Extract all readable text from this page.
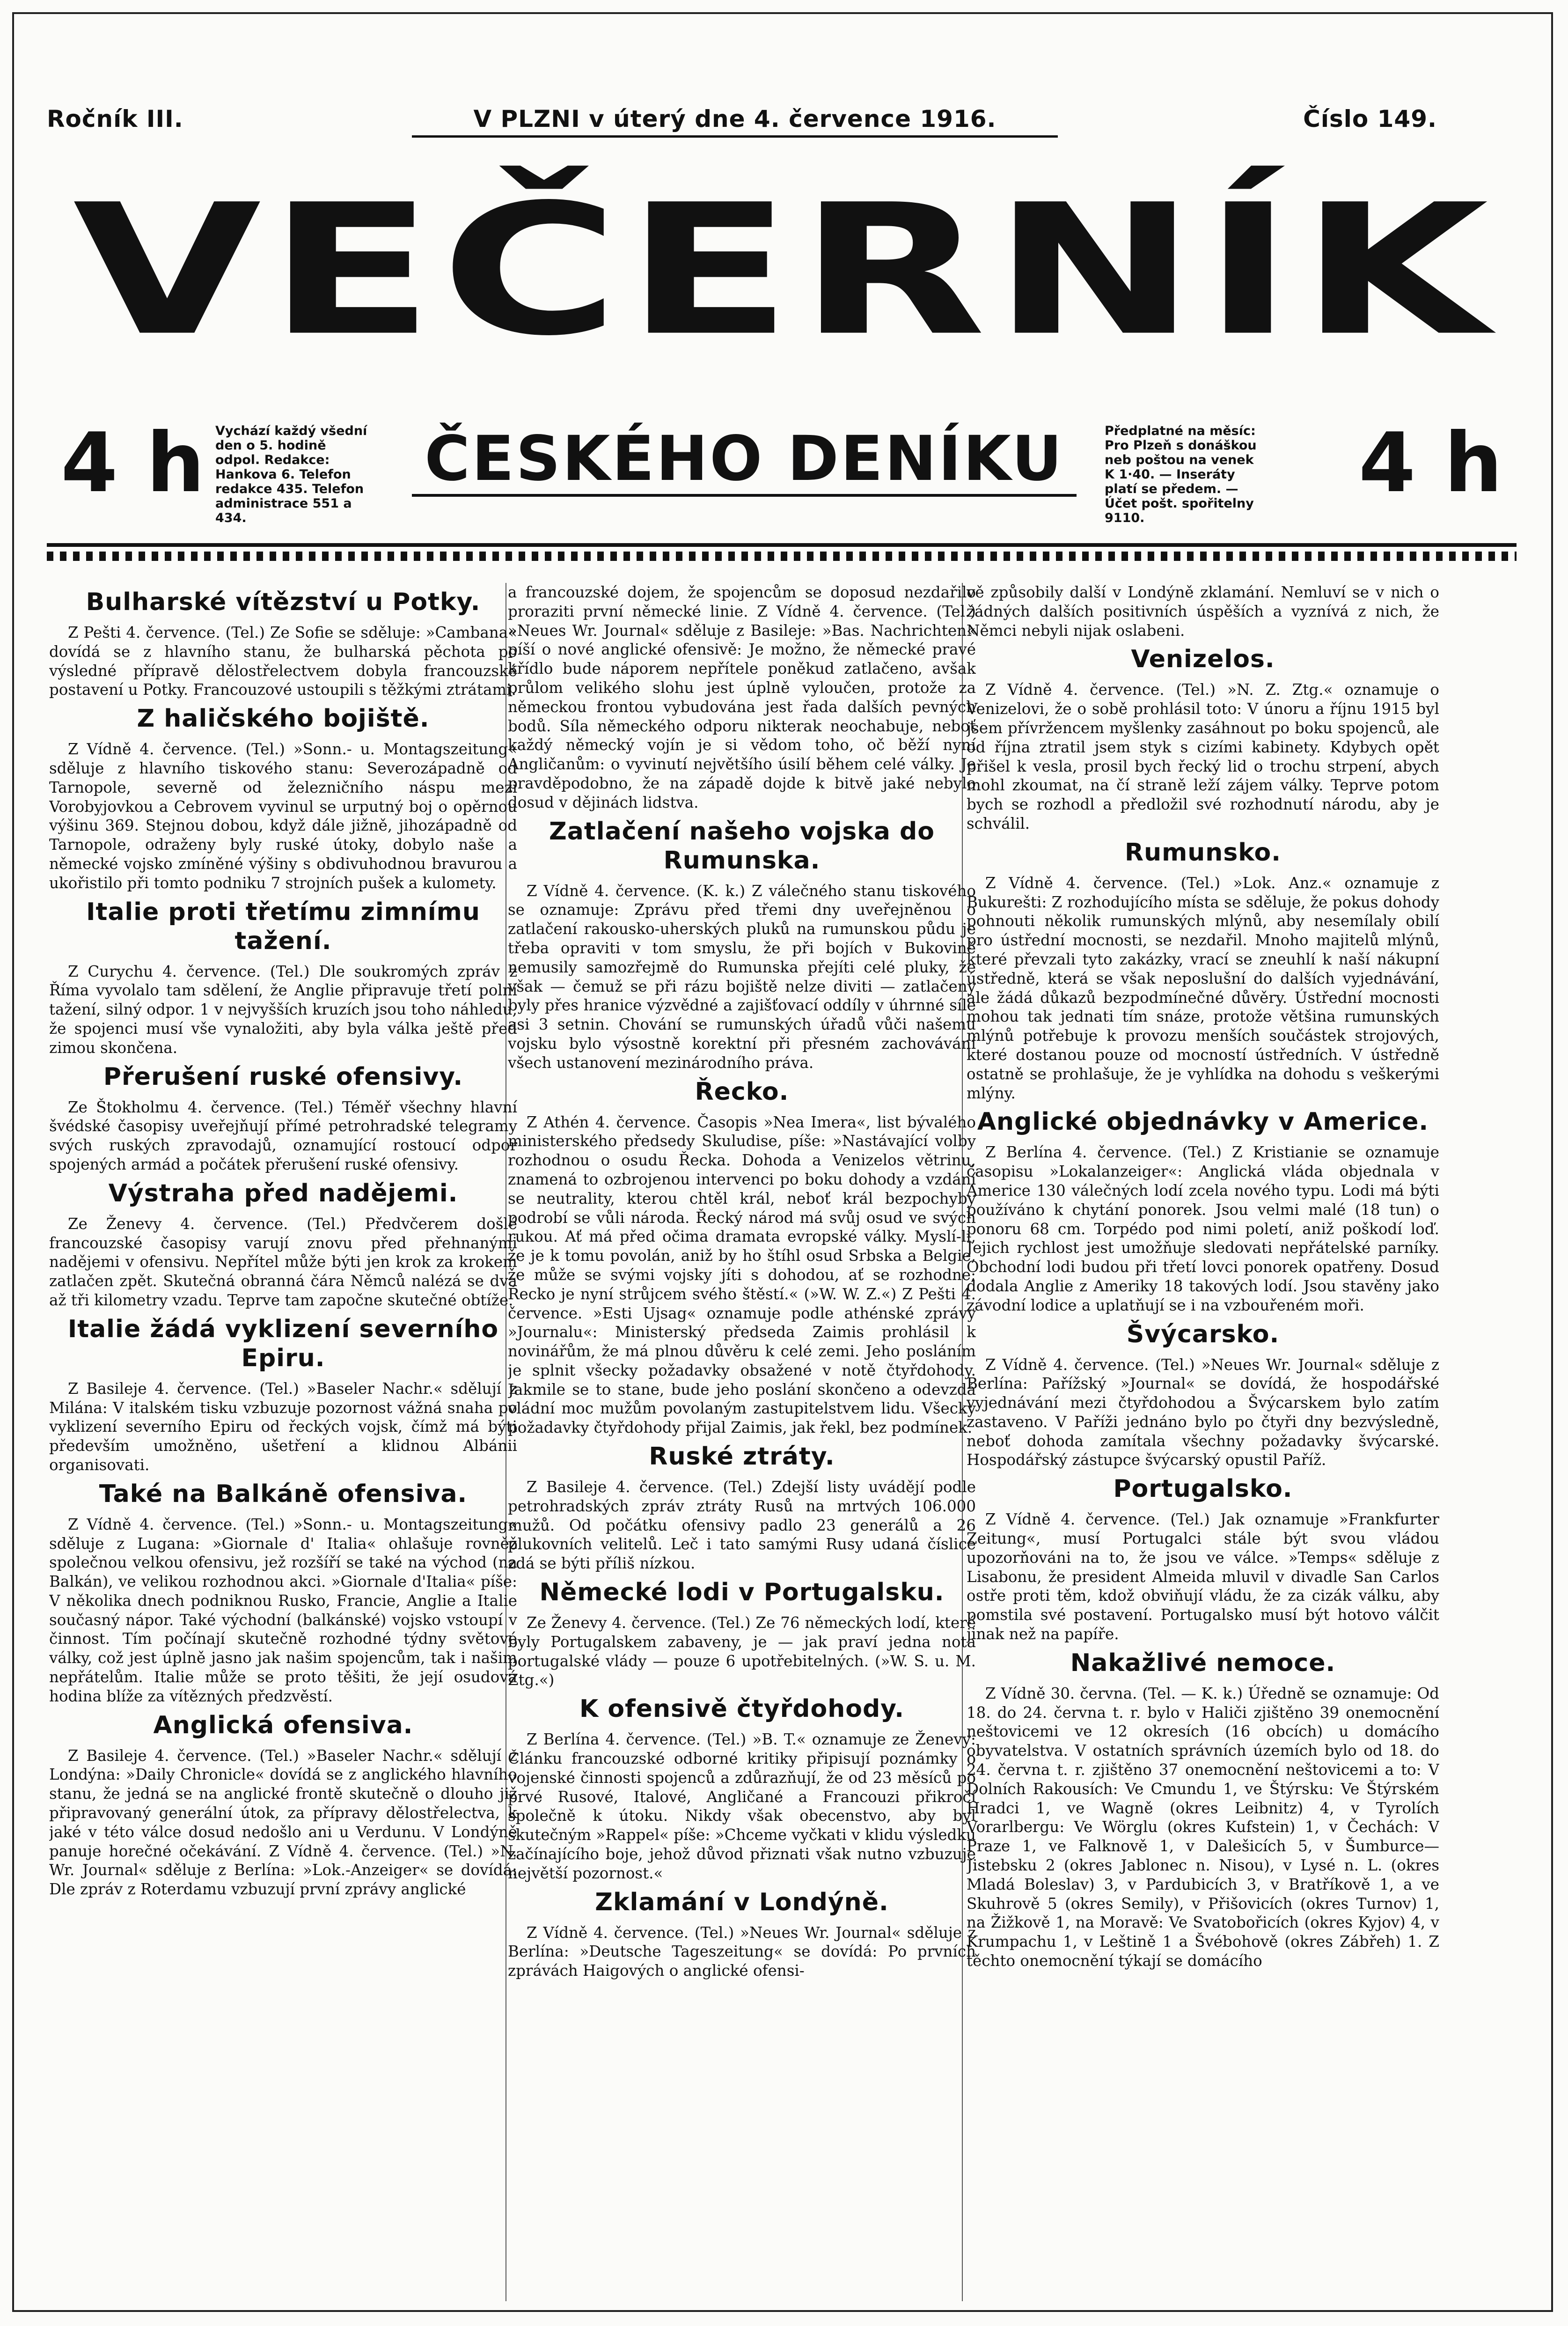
Ročník III.	V PLZNI v úterý dne 4. července 1916.	Číslo 149.
VEČERNÍK
4 h Vychází každý všední den o 5. hodině odpol. Redakce: Hankova 6. Telefon redakce 435. Telefon administrace 551 a 434.
ČESKÉHO DENÍKU	Předplatné na měsíc: Pro Plzeň s donáškou neb poštou na venek K 1·40. — Inseráty platí se předem. — Účet pošt. spořitelny 9110.
4 h
Bulharské vítězství u Potky.

Z Pešti 4. července. (Tel.) Ze Sofie se sděluje: »Cambana« dovídá se z hlavního stanu, že bulharská pěchota po výsledné přípravě dělostřelectvem dobyla francouzské postavení u Potky. Francouzové ustoupili s těžkými ztrátami.

Z haličského bojiště.

Z Vídně 4. července. (Tel.) »Sonn.- u. Montagszeitung« sděluje z hlavního tiskového stanu: Severozápadně od Tarnopole, severně od železničního náspu mezi Vorobyjovkou a Cebrovem vyvinul se urputný boj o opěrnou výšinu 369. Stejnou dobou, když dále jižně, jihozápadně od Tarnopole, odraženy byly ruské útoky, dobylo naše a německé vojsko zmíněné výšiny s obdivuhodnou bravurou a ukořistilo při tomto podniku 7 strojních pušek a kulomety.

Italie proti třetímu zimnímu tažení.

Z Curychu 4. července. (Tel.) Dle soukromých zpráv z Říma vyvolalo tam sdělení, že Anglie připravuje třetí polní tažení, silný odpor. 1 v nejvyšších kruzích jsou toho náhledu, že spojenci musí vše vynaložiti, aby byla válka ještě před zimou skončena.

Přerušení ruské ofensivy.

Ze Štokholmu 4. července. (Tel.) Téměř všechny hlavní švédské časopisy uveřejňují přímé petrohradské telegramy svých ruských zpravodajů, oznamující rostoucí odpor spojených armád a počátek přerušení ruské ofensivy.

Výstraha před nadějemi.

Ze Ženevy 4. července. (Tel.) Předvčerem došlé francouzské časopisy varují znovu před přehnanými nadějemi v ofensivu. Nepřítel může býti jen krok za krokem zatlačen zpět. Skutečná obranná čára Němců nalézá se dva až tři kilometry vzadu. Teprve tam započne skutečné obtíže.

Italie žádá vyklizení severního Epiru.

Z Basileje 4. července. (Tel.) »Baseler Nachr.« sdělují z Milána: V italském tisku vzbuzuje pozornost vážná snaha po vyklizení severního Epiru od řeckých vojsk, čímž má býti především umožněno, ušetření a klidnou Albánii organisovati.

Také na Balkáně ofensiva.

Z Vídně 4. července. (Tel.) »Sonn.- u. Montagszeitung« sděluje z Lugana: »Giornale d' Italia« ohlašuje rovněž společnou velkou ofensivu, jež rozšíří se také na východ (na Balkán), ve velikou rozhodnou akci. »Giornale d'Italia« píše: V několika dnech podniknou Rusko, Francie, Anglie a Italie současný nápor. Také východní (balkánské) vojsko vstoupí v činnost. Tím počínají skutečně rozhodné týdny světové války, což jest úplně jasno jak našim spojencům, tak i našim nepřátelům. Italie může se proto těšiti, že její osudová hodina blíže za vítězných předzvěstí.

Anglická ofensiva.

Z Basileje 4. července. (Tel.) »Baseler Nachr.« sdělují z Londýna: »Daily Chronicle« dovídá se z anglického hlavního stanu, že jedná se na anglické frontě skutečně o dlouho již připravovaný generální útok, za přípravy dělostřelectva, k jaké v této válce dosud nedošlo ani u Verdunu. V Londýně panuje horečné očekávání. Z Vídně 4. července. (Tel.) »N. Wr. Journal« sděluje z Berlína: »Lok.-Anzeiger« se dovídá: Dle zpráv z Roterdamu vzbuzují první zprávy anglické

a francouzské dojem, že spojencům se doposud nezdařilo proraziti první německé linie. Z Vídně 4. července. (Tel.) »Neues Wr. Journal« sděluje z Basileje: »Bas. Nachrichten« píší o nové anglické ofensivě: Je možno, že německé pravé křídlo bude náporem nepřítele poněkud zatlačeno, avšak průlom velikého slohu jest úplně vyloučen, protože za německou frontou vybudována jest řada dalších pevných bodů. Síla německého odporu nikterak neochabuje, neboť každý německý vojín je si vědom toho, oč běží nyní Angličanům: o vyvinutí největšího úsilí během celé války. Je pravděpodobno, že na západě dojde k bitvě jaké nebylo dosud v dějinách lidstva.

Zatlačení našeho vojska do Rumunska.

Z Vídně 4. července. (K. k.) Z válečného stanu tiskového se oznamuje: Zprávu před třemi dny uveřejněnou o zatlačení rakousko-uherských pluků na rumunskou půdu je třeba opraviti v tom smyslu, že při bojích v Bukovině nemusily samozřejmě do Rumunska přejíti celé pluky, že však — čemuž se při rázu bojiště nelze diviti — zatlačeny byly přes hranice výzvědné a zajišťovací oddíly v úhrnné síle asi 3 setnin. Chování se rumunských úřadů vůči našemu vojsku bylo výsostně korektní při přesném zachovávání všech ustanovení mezinárodního práva.

Řecko.

Z Athén 4. července. Časopis »Nea Imera«, list bývalého ministerského předsedy Skuludise, píše: »Nastávající volby rozhodnou o osudu Řecka. Dohoda a Venizelos větrinu, znamená to ozbrojenou intervenci po boku dohody a vzdání se neutrality, kterou chtěl král, neboť král bezpochyby podrobí se vůli národa. Řecký národ má svůj osud ve svých rukou. Ať má před očima dramata evropské války. Myslí-li, že je k tomu povolán, aniž by ho štíhl osud Srbska a Belgie, že může se svými vojsky jíti s dohodou, ať se rozhodne; Řecko je nyní strůjcem svého štěstí.« (»W. W. Z.«) Z Pešti 4. července. »Esti Ujsag« oznamuje podle athénské zprávy »Journalu«: Ministerský předseda Zaimis prohlásil k novinářům, že má plnou důvěru k celé zemi. Jeho posláním je splnit všecky požadavky obsažené v notě čtyřdohody. Jakmile se to stane, bude jeho poslání skončeno a odevzdá vládní moc mužům povolaným zastupitelstvem lidu. Všecky požadavky čtyřdohody přijal Zaimis, jak řekl, bez podmínek.

Ruské ztráty.

Z Basileje 4. července. (Tel.) Zdejší listy uvádějí podle petrohradských zpráv ztráty Rusů na mrtvých 106.000 mužů. Od počátku ofensivy padlo 23 generálů a 26 plukovních velitelů. Leč i tato samými Rusy udaná číslice zdá se býti příliš nízkou.

Německé lodi v Portugalsku.

Ze Ženevy 4. července. (Tel.) Ze 76 německých lodí, které byly Portugalskem zabaveny, je — jak praví jedna nota portugalské vlády — pouze 6 upotřebitelných. (»W. S. u. M. Ztg.«)

K ofensivě čtyřdohody.

Z Berlína 4. července. (Tel.) »B. T.« oznamuje ze Ženevy: Článku francouzské odborné kritiky připisují poznámky o vojenské činnosti spojenců a zdůrazňují, že od 23 měsíců po prvé Rusové, Italové, Angličané a Francouzi přikročí společně k útoku. Nikdy však obecenstvo, aby byl skutečným »Rappel« píše: »Chceme vyčkati v klidu výsledku začínajícího boje, jehož důvod přiznati však nutno vzbuzuje největší pozornost.«

Zklamání v Londýně.

Z Vídně 4. července. (Tel.) »Neues Wr. Journal« sděluje z Berlína: »Deutsche Tageszeitung« se dovídá: Po prvních zprávách Haigových o anglické ofensi-

vě způsobily další v Londýně zklamání. Nemluví se v nich o žádných dalších positivních úspěších a vyznívá z nich, že Němci nebyli nijak oslabeni.

Venizelos.

Z Vídně 4. července. (Tel.) »N. Z. Ztg.« oznamuje o Venizelovi, že o sobě prohlásil toto: V únoru a říjnu 1915 byl jsem přívržencem myšlenky zasáhnout po boku spojenců, ale od října ztratil jsem styk s cizími kabinety. Kdybych opět přišel k vesla, prosil bych řecký lid o trochu strpení, abych mohl zkoumat, na čí straně leží zájem války. Teprve potom bych se rozhodl a předložil své rozhodnutí národu, aby je schválil.

Rumunsko.

Z Vídně 4. července. (Tel.) »Lok. Anz.« oznamuje z Bukurešti: Z rozhodujícího místa se sděluje, že pokus dohody pohnouti několik rumunských mlýnů, aby nesemílaly obilí pro ústřední mocnosti, se nezdařil. Mnoho majitelů mlýnů, které převzali tyto zakázky, vrací se zneuhlí k naší nákupní ústředně, která se však neposlušní do dalších vyjednávání, ale žádá důkazů bezpodmínečné důvěry. Ústřední mocnosti mohou tak jednati tím snáze, protože většina rumunských mlýnů potřebuje k provozu menších součástek strojových, které dostanou pouze od mocností ústředních. V ústředně ostatně se prohlašuje, že je vyhlídka na dohodu s veškerými mlýny.

Anglické objednávky v Americe.

Z Berlína 4. července. (Tel.) Z Kristianie se oznamuje časopisu »Lokalanzeiger«: Anglická vláda objednala v Americe 130 válečných lodí zcela nového typu. Lodi má býti používáno k chytání ponorek. Jsou velmi malé (18 tun) o ponoru 68 cm. Torpédo pod nimi poletí, aniž poškodí loď. Jejich rychlost jest umožňuje sledovati nepřátelské parníky. Obchodní lodi budou při třetí lovci ponorek opatřeny. Dosud dodala Anglie z Ameriky 18 takových lodí. Jsou stavěny jako závodní lodice a uplatňují se i na vzbouřeném moři.

Švýcarsko.

Z Vídně 4. července. (Tel.) »Neues Wr. Journal« sděluje z Berlína: Pařížský »Journal« se dovídá, že hospodářské vyjednávání mezi čtyřdohodou a Švýcarskem bylo zatím zastaveno. V Paříži jednáno bylo po čtyři dny bezvýsledně, neboť dohoda zamítala všechny požadavky švýcarské. Hospodářský zástupce švýcarský opustil Paříž.

Portugalsko.

Z Vídně 4. července. (Tel.) Jak oznamuje »Frankfurter Zeitung«, musí Portugalci stále být svou vládou upozorňováni na to, že jsou ve válce. »Temps« sděluje z Lisabonu, že president Almeida mluvil v divadle San Carlos ostře proti těm, kdož obviňují vládu, že za cizák válku, aby pomstila své postavení. Portugalsko musí být hotovo válčit jinak než na papíře.

Nakažlivé nemoce.

Z Vídně 30. června. (Tel. — K. k.) Úředně se oznamuje: Od 18. do 24. června t. r. bylo v Haliči zjištěno 39 onemocnění neštovicemi ve 12 okresích (16 obcích) u domácího obyvatelstva. V ostatních správních územích bylo od 18. do 24. června t. r. zjištěno 37 onemocnění neštovicemi a to: V Dolních Rakousích: Ve Cmundu 1, ve Štýrsku: Ve Štýrském Hradci 1, ve Wagně (okres Leibnitz) 4, v Tyrolích Vorarlbergu: Ve Wörglu (okres Kufstein) 1, v Čechách: V Praze 1, ve Falknově 1, v Dalešicích 5, v Šumburce—Jistebsku 2 (okres Jablonec n. Nisou), v Lysé n. L. (okres Mladá Boleslav) 3, v Pardubicích 3, v Bratříkově 1, a ve Skuhrově 5 (okres Semily), v Přišovicích (okres Turnov) 1, na Žižkově 1, na Moravě: Ve Svatobořicích (okres Kyjov) 4, v Krumpachu 1, v Leštině 1 a Švébohově (okres Zábřeh) 1. Z těchto onemocnění týkají se domácího
